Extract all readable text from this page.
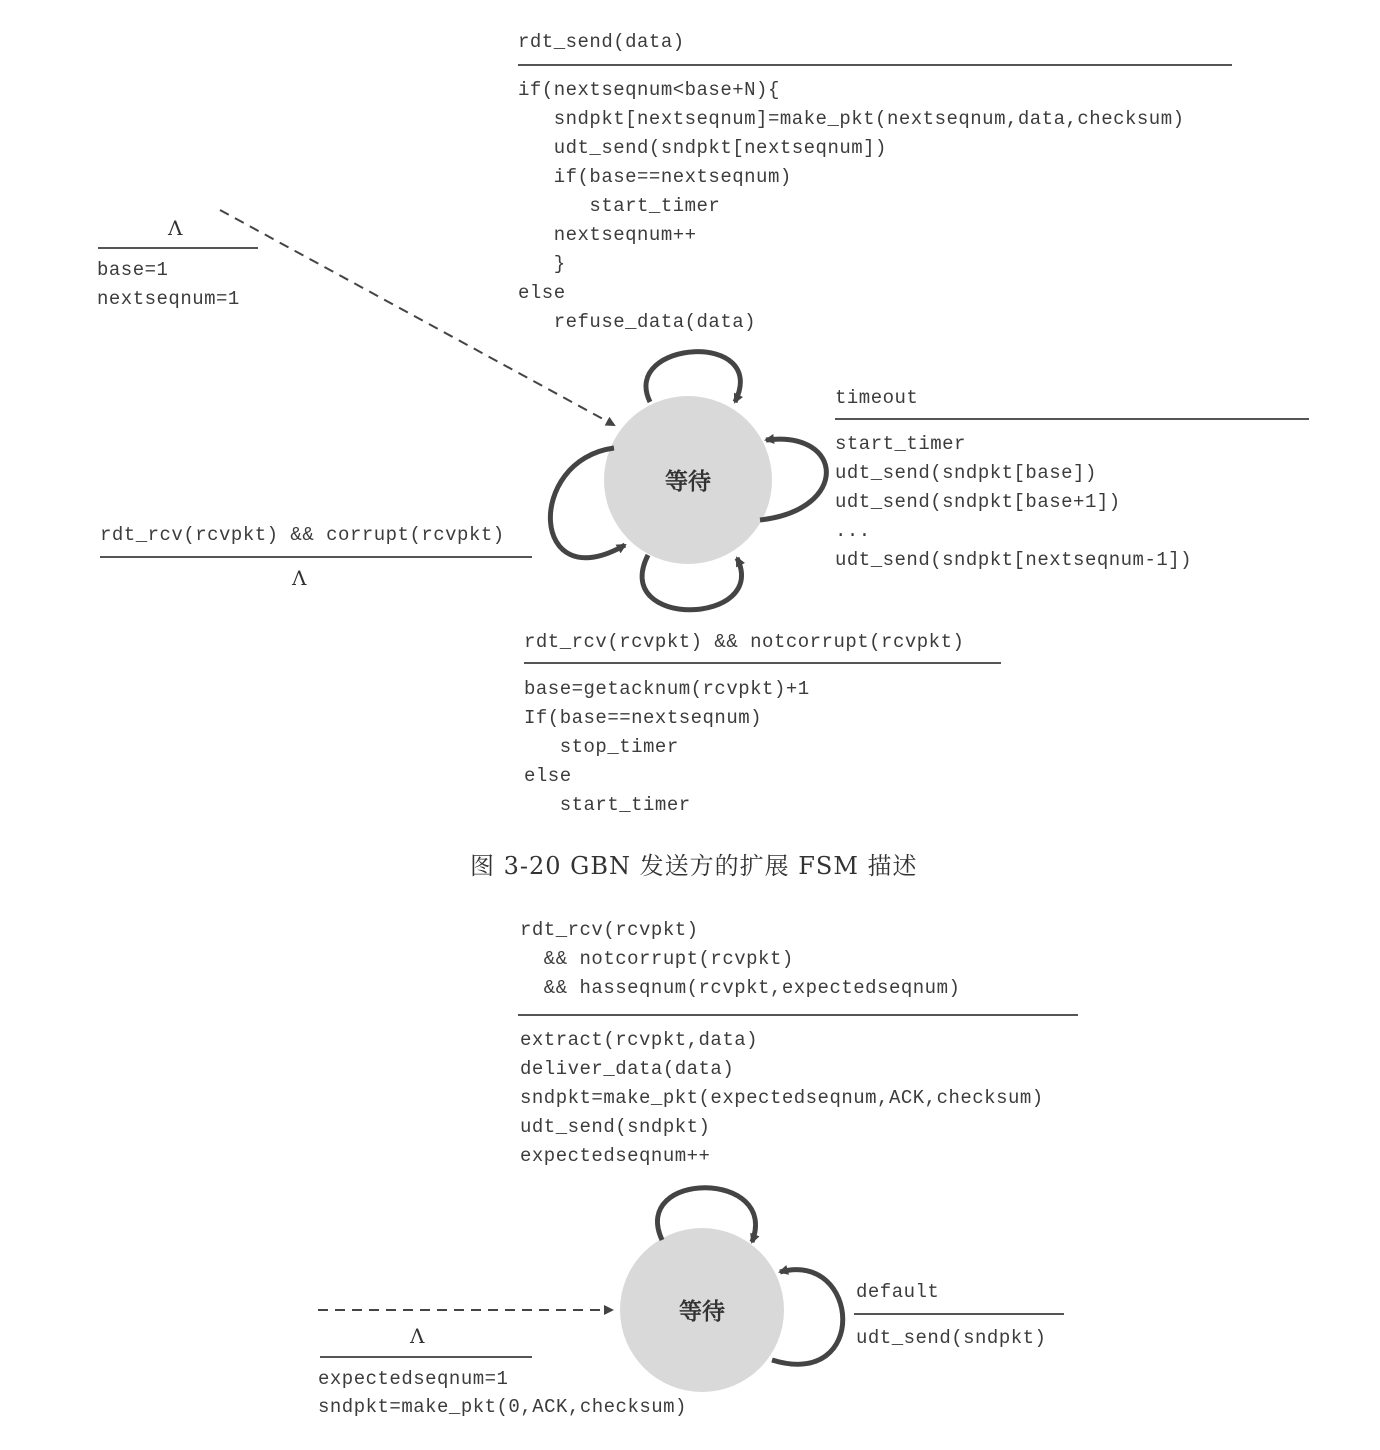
等待
等待
rdt_send(data)
if(nextseqnum<base+N){
sndpkt[nextseqnum]=make_pkt(nextseqnum,data,checksum)
udt_send(sndpkt[nextseqnum])
if(base==nextseqnum)
start_timer
nextseqnum++
}
else
refuse_data(data)
Λ
base=1
nextseqnum=1
timeout
start_timer
udt_send(sndpkt[base])
udt_send(sndpkt[base+1])
...
udt_send(sndpkt[nextseqnum-1])
rdt_rcv(rcvpkt) && corrupt(rcvpkt)
Λ
rdt_rcv(rcvpkt) && notcorrupt(rcvpkt)
base=getacknum(rcvpkt)+1
If(base==nextseqnum)
stop_timer
else
start_timer
图 3-20 GBN 发送方的扩展 FSM 描述
rdt_rcv(rcvpkt)
&& notcorrupt(rcvpkt)
&& hasseqnum(rcvpkt,expectedseqnum)
extract(rcvpkt,data)
deliver_data(data)
sndpkt=make_pkt(expectedseqnum,ACK,checksum)
udt_send(sndpkt)
expectedseqnum++
default
udt_send(sndpkt)
Λ
expectedseqnum=1
sndpkt=make_pkt(0,ACK,checksum)
